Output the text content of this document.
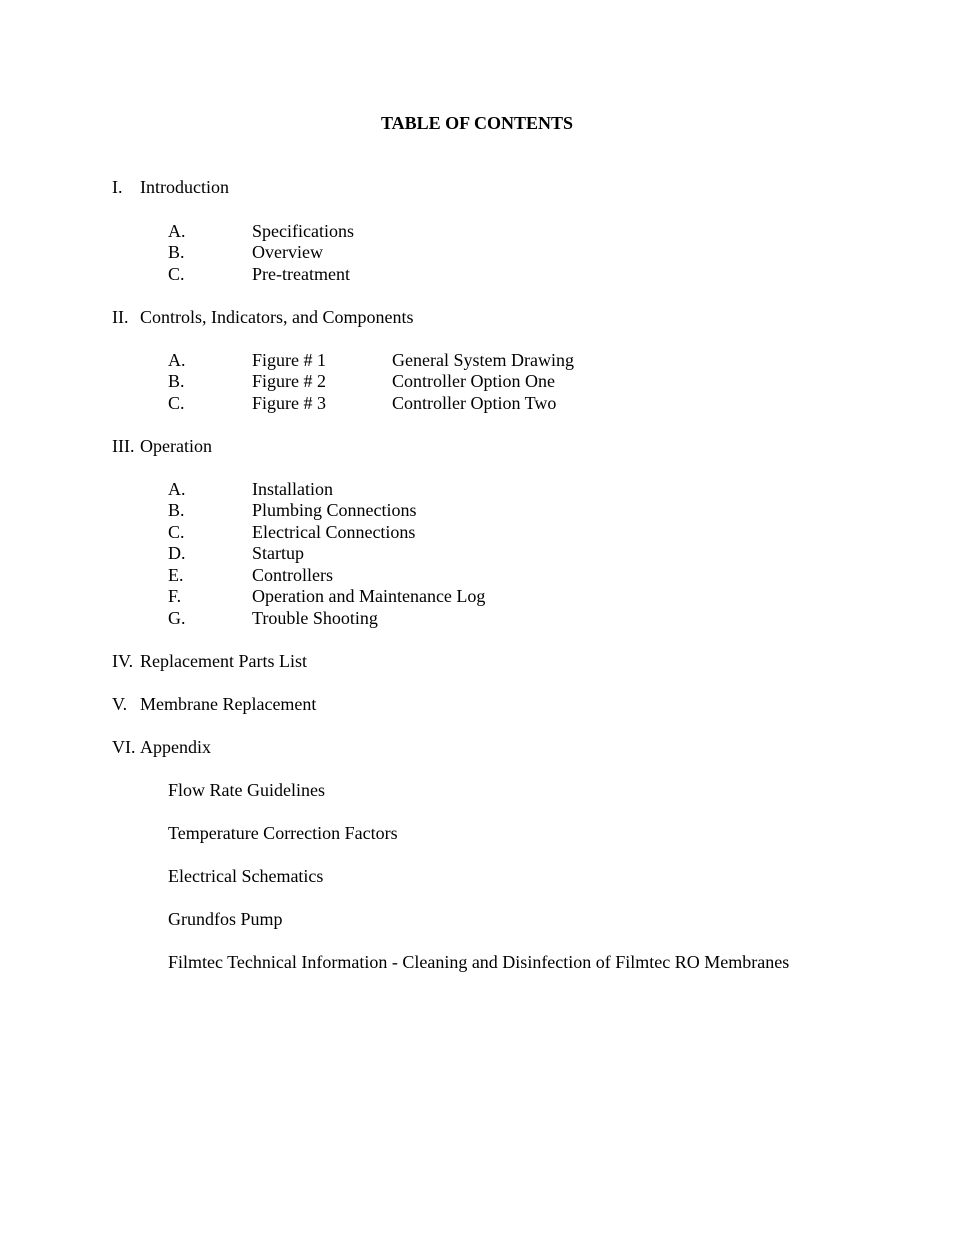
TABLE OF CONTENTS
I. Introduction
A.	Specifications
B.	Overview
C.	Pre-treatment
II. Controls, Indicators, and Components
A.	Figure # 1	General System Drawing
B.	Figure # 2	Controller Option One
C.	Figure # 3	Controller Option Two
III. Operation
A.	Installation
B.	Plumbing Connections
C.	Electrical Connections
D.	Startup
E.	Controllers
F.	Operation and Maintenance Log
G.	Trouble Shooting
IV. Replacement Parts List
V. Membrane Replacement
VI. Appendix
Flow Rate Guidelines
Temperature Correction Factors
Electrical Schematics
Grundfos Pump
Filmtec Technical Information - Cleaning and Disinfection of Filmtec RO Membranes
